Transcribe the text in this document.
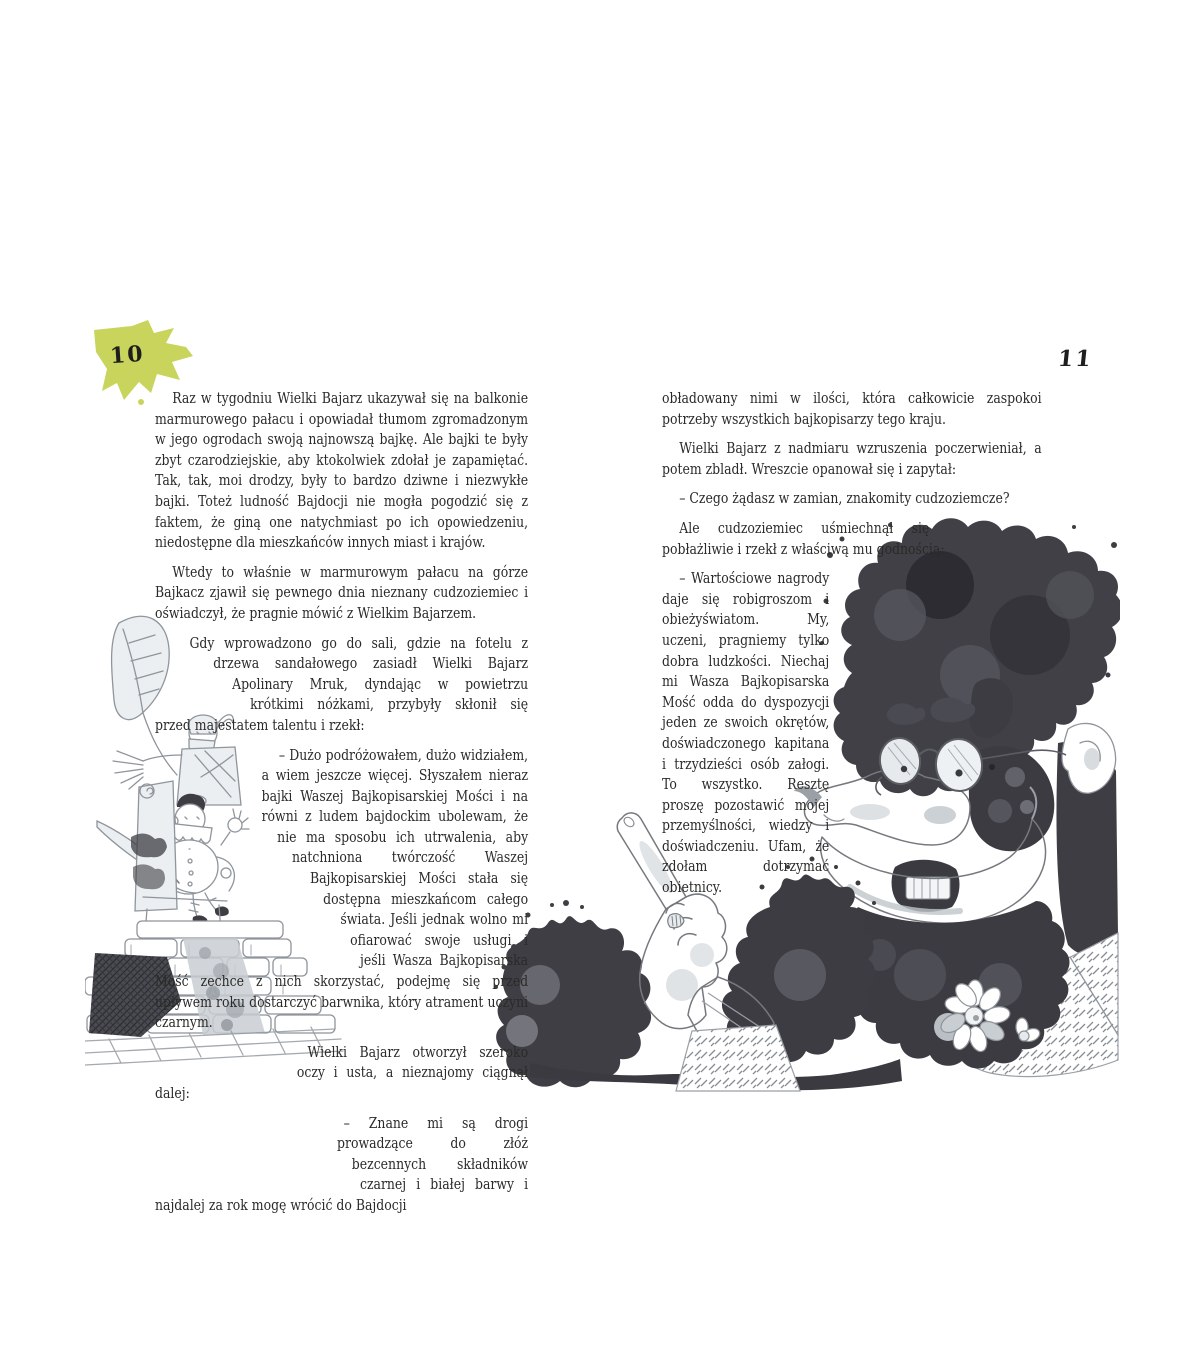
10	11

Raz w tygodniu Wielki Bajarz ukazywał się na balkonie marmurowego pałacu i opowiadał tłumom zgromadzonym w jego ogrodach swoją najnowszą bajkę. Ale bajki te były zbyt czarodziejskie, aby ktokolwiek zdołał je zapamiętać. Tak, tak, moi drodzy, były to bardzo dziwne i niezwykłe bajki. Toteż ludność Bajdocji nie mogła pogodzić się z faktem, że giną one natychmiast po ich opowiedzeniu, niedostępne dla mieszkańców innych miast i krajów.

Wtedy to właśnie w marmurowym pałacu na górze Bajkacz zjawił się pewnego dnia nieznany cudzoziemiec i oświadczył, że pragnie mówić z Wielkim Bajarzem.

Gdy wprowadzono go do sali, gdzie na fotelu z drzewa sandałowego zasiadł Wielki Bajarz Apolinary Mruk, dyndając w powietrzu krótkimi nóżkami, przybyły skłonił się przed majestatem talentu i rzekł:

– Dużo podróżowałem, dużo widziałem, a wiem jeszcze więcej. Słyszałem nieraz bajki Waszej Bajkopisarskiej Mości i na równi z ludem bajdockim ubolewam, że nie ma sposobu ich utrwalenia, aby natchniona twórczość Waszej Bajkopisarskiej Mości stała się dostępna mieszkańcom całego świata. Jeśli jednak wolno mi ofiarować swoje usługi i jeśli Wasza Bajkopisarska Mość zechce z nich skorzystać, podejmę się przed upływem roku dostarczyć barwnika, który atrament uczyni czarnym.

Wielki Bajarz otworzył szeroko oczy i usta, a nieznajomy ciągnął dalej:

– Znane mi są drogi prowadzące do złóż bezcennych składników czarnej i białej barwy i najdalej za rok mogę wrócić do Bajdocji

obładowany nimi w ilości, która całkowicie zaspokoi potrzeby wszystkich bajkopisarzy tego kraju.

Wielki Bajarz z nadmiaru wzruszenia poczerwieniał, a potem zbladł. Wreszcie opanował się i zapytał:

– Czego żądasz w zamian, znakomity cudzoziemcze?

Ale cudzoziemiec uśmiechnął się pobłażliwie i rzekł z właściwą mu godnością:

– Wartościowe nagrody daje się robigroszom i obieżyświatom. My, uczeni, pragniemy tylko dobra ludzkości. Niechaj mi Wasza Bajkopisarska Mość odda do dyspozycji jeden ze swoich okrętów, doświadczonego kapitana i trzydzieści osób załogi. To wszystko. Resztę proszę pozostawić mojej przemyślności, wiedzy i doświadczeniu. Ufam, że zdołam dotrzymać obietnicy.
